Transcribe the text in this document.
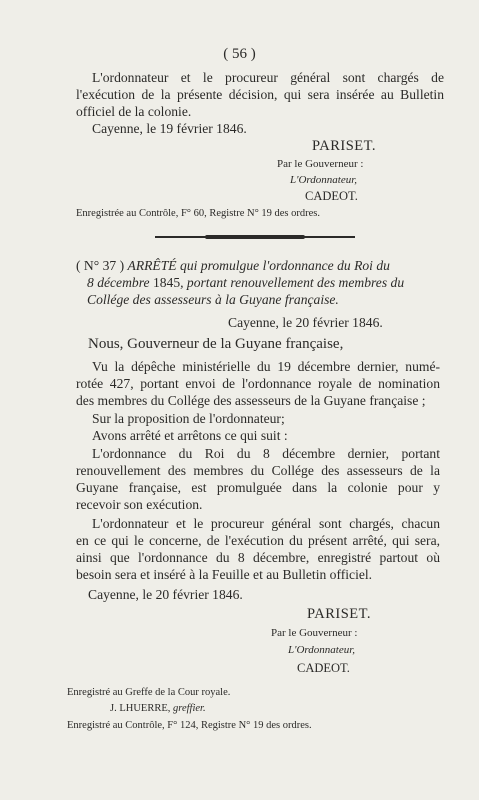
( 56 )
L'ordonnateur et le procureur général sont chargés de
l'exécution de la présente décision, qui sera insérée au Bulletin
officiel de la colonie.
Cayenne, le 19 février 1846.
PARISET.
Par le Gouverneur :
L'Ordonnateur,
CADEOT.
Enregistrée au Contrôle, F° 60, Registre N° 19 des ordres.
( N° 37 ) ARRÊTÉ qui promulgue l'ordonnance du Roi du
8 décembre 1845, portant renouvellement des membres du
Collége des assesseurs à la Guyane française.
Cayenne, le 20 février 1846.
Nous, Gouverneur de la Guyane française,
Vu la dépêche ministérielle du 19 décembre dernier, numé-
rotée 427, portant envoi de l'ordonnance royale de nomination
des membres du Collége des assesseurs de la Guyane française ;
Sur la proposition de l'ordonnateur;
Avons arrêté et arrêtons ce qui suit :
L'ordonnance du Roi du 8 décembre dernier, portant
renouvellement des membres du Collége des assesseurs de la
Guyane française, est promulguée dans la colonie pour y
recevoir son exécution.
L'ordonnateur et le procureur général sont chargés, chacun
en ce qui le concerne, de l'exécution du présent arrêté, qui sera,
ainsi que l'ordonnance du 8 décembre, enregistré partout où
besoin sera et inséré à la Feuille et au Bulletin officiel.
Cayenne, le 20 février 1846.
PARISET.
Par le Gouverneur :
L'Ordonnateur,
CADEOT.
Enregistré au Greffe de la Cour royale.
J. LHUERRE, greffier.
Enregistré au Contrôle, F° 124, Registre N° 19 des ordres.
